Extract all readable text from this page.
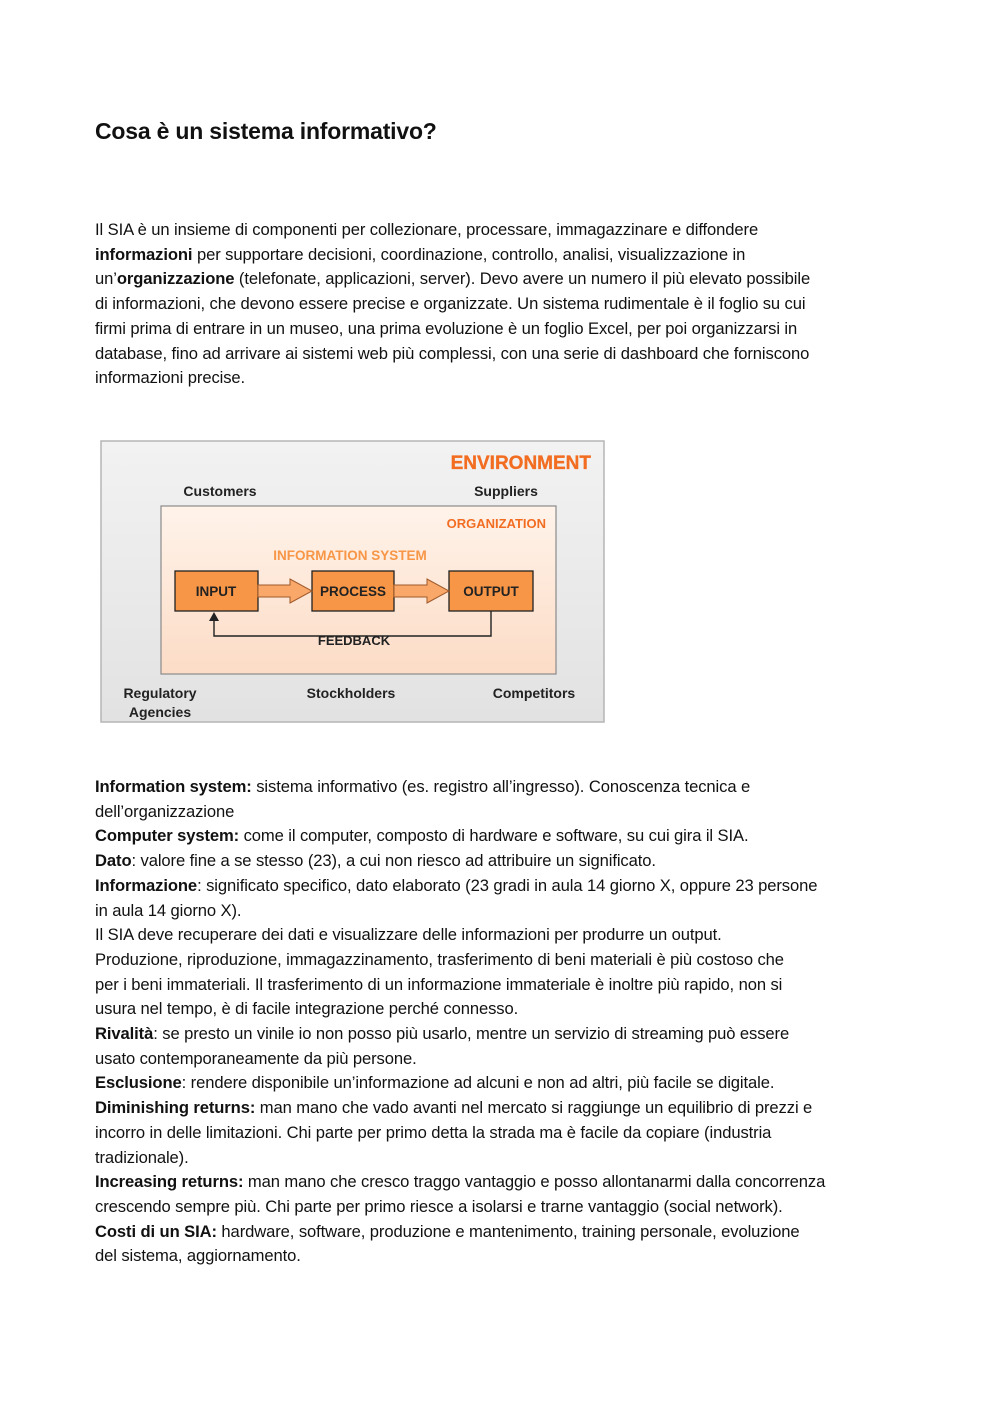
Cosa è un sistema informativo?

Il SIA è un insieme di componenti per collezionare, processare, immagazzinare e diffondere
informazioni per supportare decisioni, coordinazione, controllo, analisi, visualizzazione in
un’organizzazione (telefonate, applicazioni, server). Devo avere un numero il più elevato possibile
di informazioni, che devono essere precise e organizzate. Un sistema rudimentale è il foglio su cui
firmi prima di entrare in un museo, una prima evoluzione è un foglio Excel, per poi organizzarsi in
database, fino ad arrivare ai sistemi web più complessi, con una serie di dashboard che forniscono
informazioni precise.

ENVIRONMENT
Customers	Suppliers
ORGANIZATION
INFORMATION SYSTEM
INPUT	PROCESS	OUTPUT
FEEDBACK
Regulatory
Agencies
Stockholders	Competitors

Information system: sistema informativo (es. registro all’ingresso). Conoscenza tecnica e
dell’organizzazione
Computer system: come il computer, composto di hardware e software, su cui gira il SIA.
Dato: valore fine a se stesso (23), a cui non riesco ad attribuire un significato.
Informazione: significato specifico, dato elaborato (23 gradi in aula 14 giorno X, oppure 23 persone
in aula 14 giorno X).
Il SIA deve recuperare dei dati e visualizzare delle informazioni per produrre un output.
Produzione, riproduzione, immagazzinamento, trasferimento di beni materiali è più costoso che
per i beni immateriali. Il trasferimento di un informazione immateriale è inoltre più rapido, non si
usura nel tempo, è di facile integrazione perché connesso.
Rivalità: se presto un vinile io non posso più usarlo, mentre un servizio di streaming può essere
usato contemporaneamente da più persone.
Esclusione: rendere disponibile un’informazione ad alcuni e non ad altri, più facile se digitale.
Diminishing returns: man mano che vado avanti nel mercato si raggiunge un equilibrio di prezzi e
incorro in delle limitazioni. Chi parte per primo detta la strada ma è facile da copiare (industria
tradizionale).
Increasing returns: man mano che cresco traggo vantaggio e posso allontanarmi dalla concorrenza
crescendo sempre più. Chi parte per primo riesce a isolarsi e trarne vantaggio (social network).
Costi di un SIA: hardware, software, produzione e mantenimento, training personale, evoluzione
del sistema, aggiornamento.
